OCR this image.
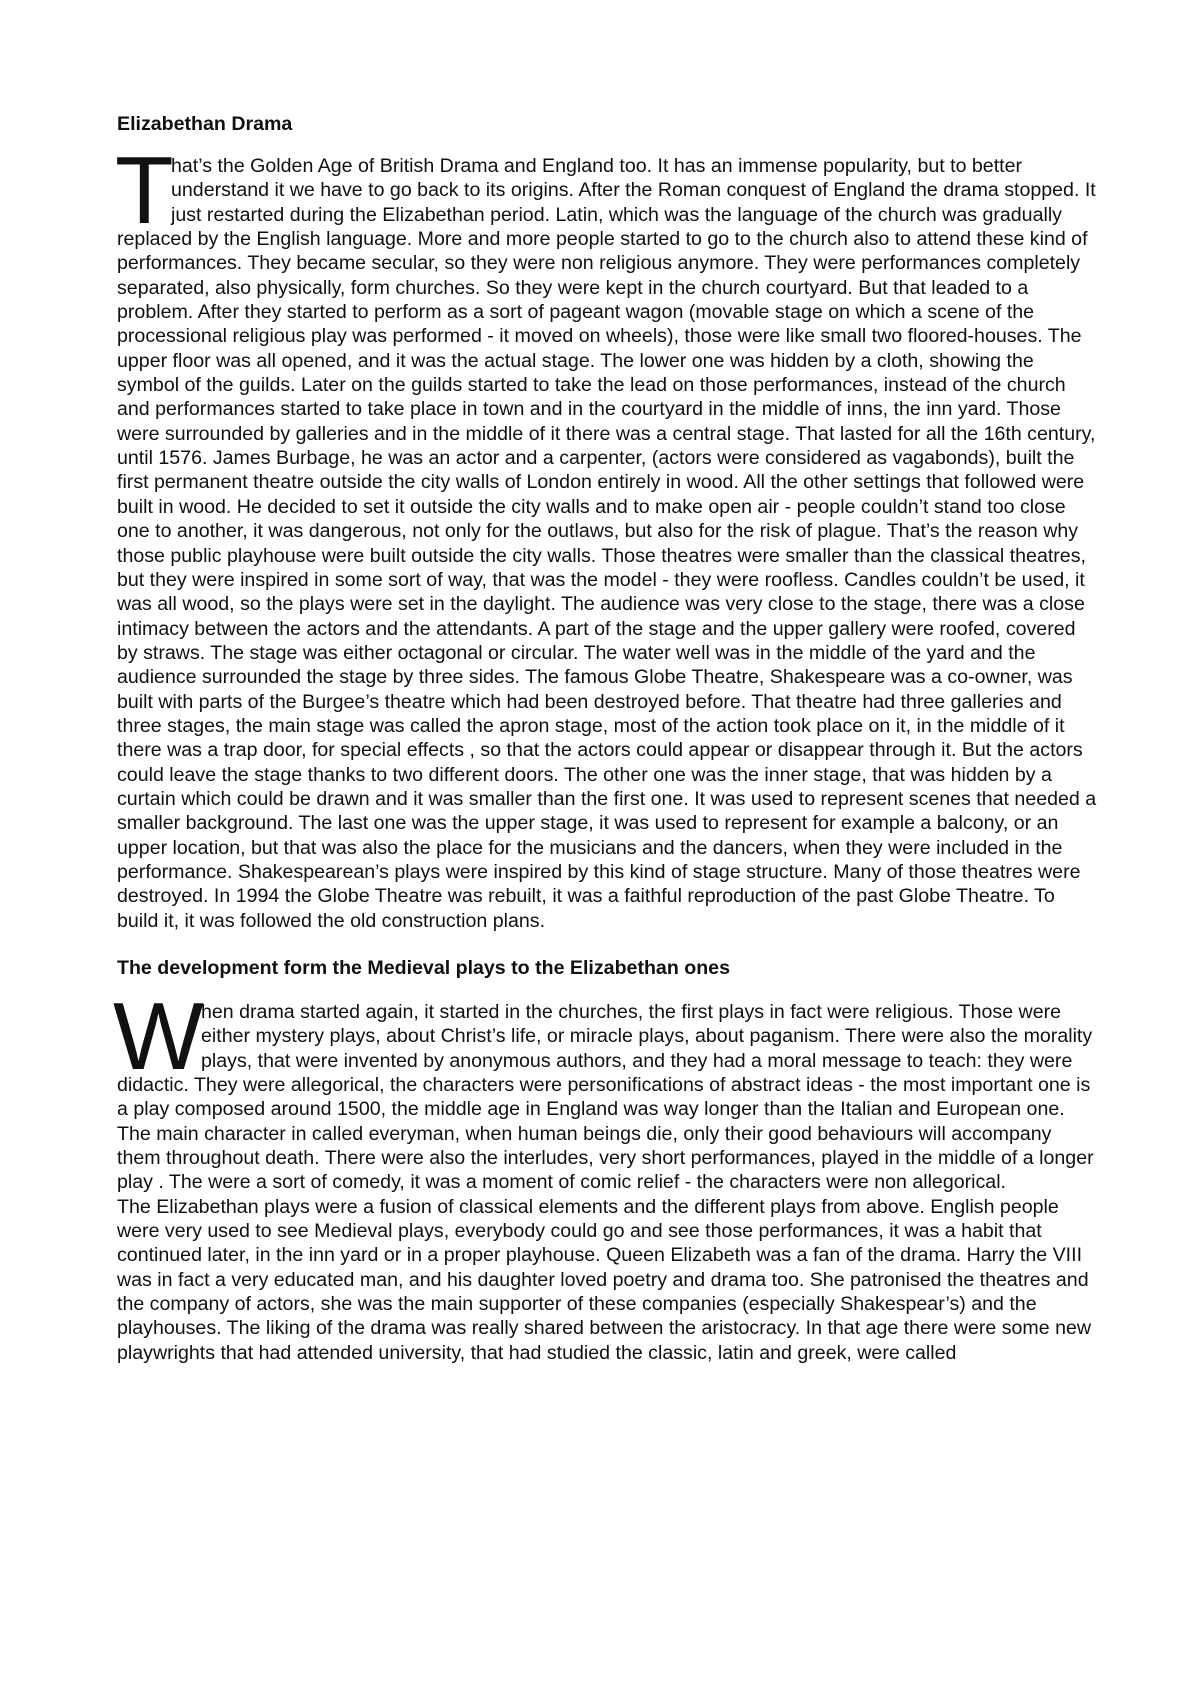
Elizabethan Drama

T
hat’s the Golden Age of British Drama and England too. It has an immense popularity, but to better understand it we have to go back to its origins. After the Roman conquest of England the drama stopped. It just restarted during the Elizabethan period. Latin, which was the language of the church was gradually replaced by the English language. More and more people started to go to the church also to attend these kind of performances. They became secular, so they were non religious anymore. They were performances completely separated, also physically, form churches. So they were kept in the church courtyard. But that leaded to a problem. After they started to perform as a sort of pageant wagon (movable stage on which a scene of the processional religious play was performed - it moved on wheels), those were like small two floored-houses. The upper floor was all opened, and it was the actual stage. The lower one was hidden by a cloth, showing the symbol of the guilds. Later on the guilds started to take the lead on those performances, instead of the church and performances started to take place in town and in the courtyard in the middle of inns, the inn yard. Those were surrounded by galleries and in the middle of it there was a central stage. That lasted for all the 16th century, until 1576. James Burbage, he was an actor and a carpenter, (actors were considered as vagabonds), built the first permanent theatre outside the city walls of London entirely in wood. All the other settings that followed were built in wood. He decided to set it outside the city walls and to make open air - people couldn’t stand too close one to another, it was dangerous, not only for the outlaws, but also for the risk of plague. That’s the reason why those public playhouse were built outside the city walls. Those theatres were smaller than the classical theatres, but they were inspired in some sort of way, that was the model - they were roofless. Candles couldn’t be used, it was all wood, so the plays were set in the daylight. The audience was very close to the stage, there was a close intimacy between the actors and the attendants. A part of the stage and the upper gallery were roofed, covered by straws. The stage was either octagonal or circular. The water well was in the middle of the yard and the audience surrounded the stage by three sides. The famous Globe Theatre, Shakespeare was a co-owner, was built with parts of the Burgee’s theatre which had been destroyed before. That theatre had three galleries and three stages, the main stage was called the apron stage, most of the action took place on it, in the middle of it there was a trap door, for special effects , so that the actors could appear or disappear through it. But the actors could leave the stage thanks to two different doors. The other one was the inner stage, that was hidden by a curtain which could be drawn and it was smaller than the first one. It was used to represent scenes that needed a smaller background. The last one was the upper stage, it was used to represent for example a balcony, or an upper location, but that was also the place for the musicians and the dancers, when they were included in the performance. Shakespearean’s plays were inspired by this kind of stage structure. Many of those theatres were destroyed. In 1994 the Globe Theatre was rebuilt, it was a faithful reproduction of the past Globe Theatre. To build it, it was followed the old construction plans.

The development form the Medieval plays to the Elizabethan ones

W
hen drama started again, it started in the churches, the first plays in fact were religious. Those were either mystery plays, about Christ’s life, or miracle plays, about paganism. There were also the morality plays, that were invented by anonymous authors, and they had a moral message to teach: they were didactic. They were allegorical, the characters were personifications of abstract ideas - the most important one is a play composed around 1500, the middle age in England was way longer than the Italian and European one. The main character in called everyman, when human beings die, only their good behaviours will accompany them throughout death. There were also the interludes, very short performances, played in the middle of a longer play . The were a sort of comedy, it was a moment of comic relief - the characters were non allegorical.

The Elizabethan plays were a fusion of classical elements and the different plays from above. English people were very used to see Medieval plays, everybody could go and see those performances, it was a habit that continued later, in the inn yard or in a proper playhouse. Queen Elizabeth was a fan of the drama. Harry the VIII was in fact a very educated man, and his daughter loved poetry and drama too. She patronised the theatres and the company of actors, she was the main supporter of these companies (especially Shakespear’s) and the playhouses. The liking of the drama was really shared between the aristocracy. In that age there were some new playwrights that had attended university, that had studied the classic, latin and greek, were called
